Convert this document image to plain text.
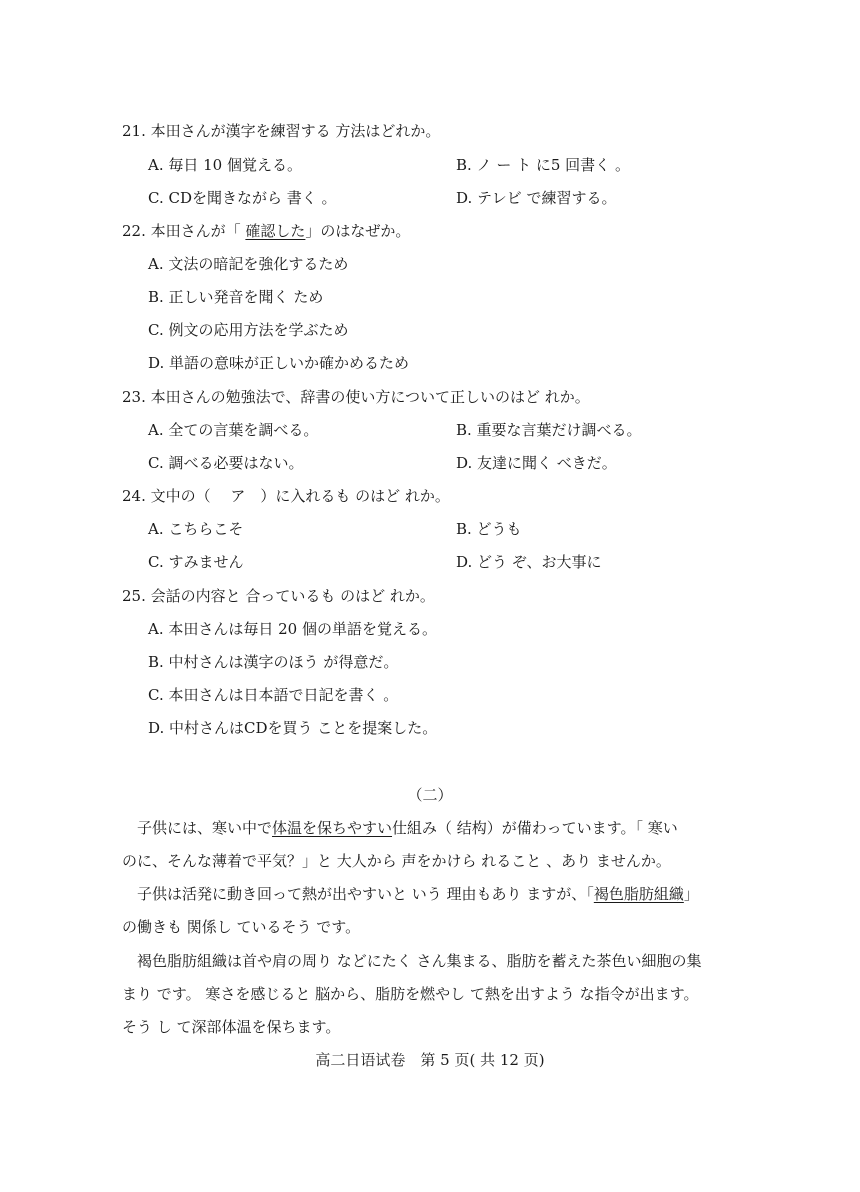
21. 本田さんが漢字を練習する 方法はどれか。
A. 毎日 10 個覚える。	B. ノ ー ト に5 回書く 。
C. CDを聞きながら 書く 。	D. テレビ で練習する。
22. 本田さんが「 確認した」のはなぜか。
A. 文法の暗記を強化するため
B. 正しい発音を聞く ため
C. 例文の応用方法を学ぶため
D. 単語の意味が正しいか確かめるため
23. 本田さんの勉強法で、辞書の使い方について正しいのはど れか。
A. 全ての言葉を調べる。	B. 重要な言葉だけ調べる。
C. 調べる必要はない。	D. 友達に聞く べきだ。
24. 文中の（　 ア　）に入れるも のはど れか。
A. こちらこそ	B. どうも
C. すみません	D. どう ぞ、お大事に
25. 会話の内容と 合っているも のはど れか。
A. 本田さんは毎日 20 個の単語を覚える。
B. 中村さんは漢字のほう が得意だ。
C. 本田さんは日本語で日記を書く 。
D. 中村さんはCDを買う ことを提案した。
（二）
子供には、寒い中で体温を保ちやすい仕組み（ 结构）が備わっています。「 寒い
のに、そんな薄着で平気？」と 大人から 声をかけら れること 、あり ませんか。
子供は活発に動き回って熱が出やすいと いう 理由もあり ますが、「褐色脂肪組織」
の働きも 関係し ているそう です。
褐色脂肪組織は首や肩の周り などにたく さん集まる、脂肪を蓄えた茶色い細胞の集
まり です。 寒さを感じると 脳から、脂肪を燃やし て熱を出すよう な指令が出ます。
そう し て深部体温を保ちます。
高二日语试卷　第 5 页( 共 12 页)
